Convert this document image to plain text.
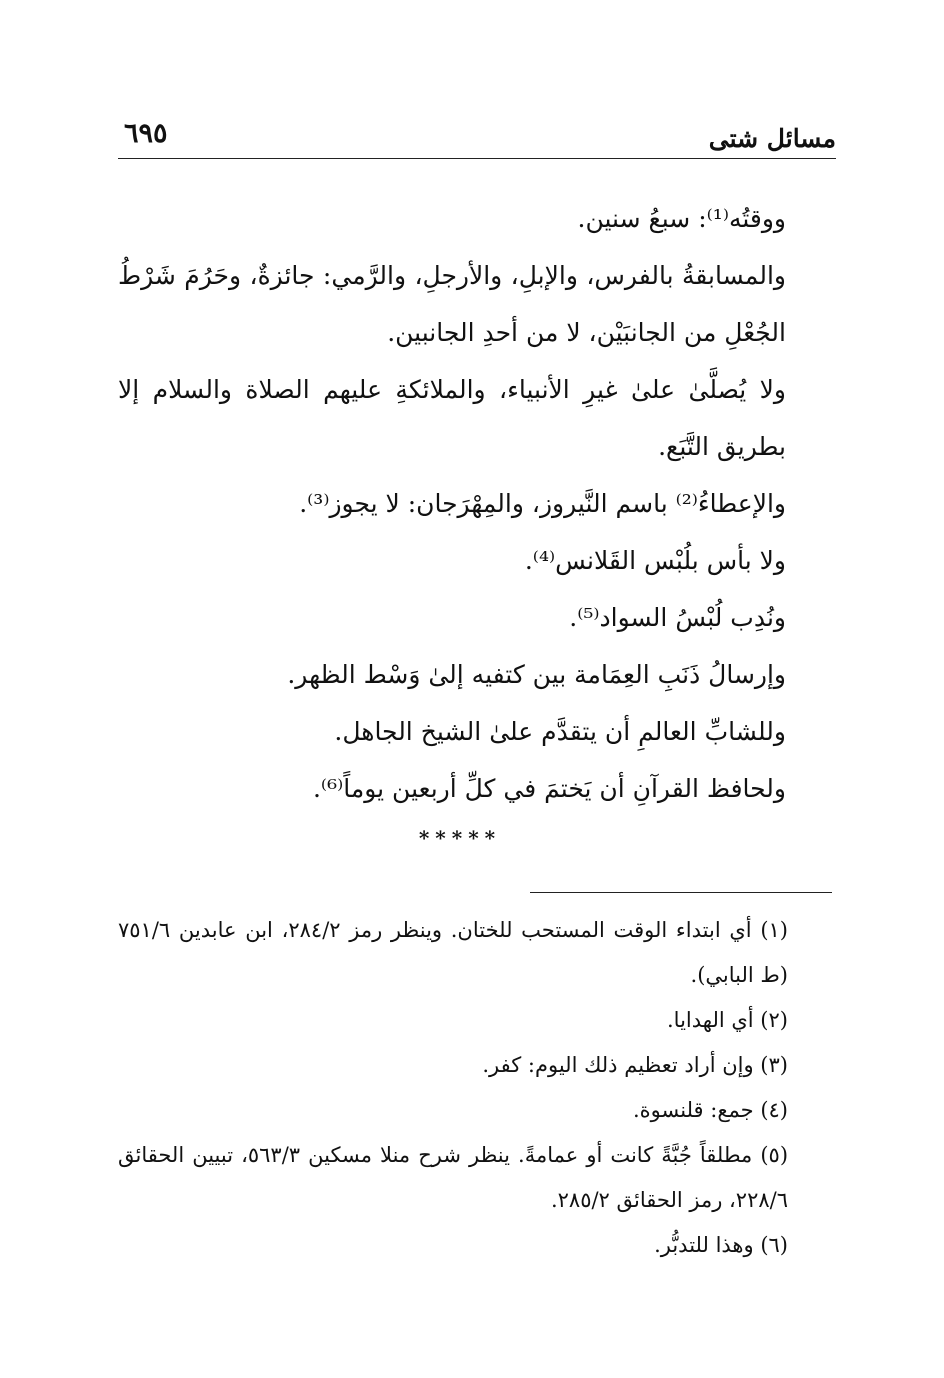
٦٩٥	مسائل شتى

ووقتُه⁽¹⁾: سبعُ سنين.

والمسابقةُ بالفرس، والإبلِ، والأرجلِ، والرَّمي: جائزةٌ، وحَرُمَ شَرْطُ الجُعْلِ من الجانبَيْن، لا من أحدِ الجانبين.

ولا يُصلَّىٰ علىٰ غيرِ الأنبياء، والملائكةِ عليهم الصلاة والسلام إلا بطريق التَّبَع.

والإعطاءُ⁽²⁾ باسم النَّيروز، والمِهْرَجان: لا يجوز⁽³⁾.

ولا بأس بلُبْس القَلانس⁽⁴⁾.

ونُدِب لُبْسُ السواد⁽⁵⁾.

وإرسالُ ذَنَبِ العِمَامة بين كتفيه إلىٰ وَسْط الظهر.

وللشابِّ العالمِ أن يتقدَّم علىٰ الشيخ الجاهل.

ولحافظ القرآنِ أن يَختمَ في كلِّ أربعين يوماً⁽⁶⁾.

*****

(١) أي ابتداء الوقت المستحب للختان. وينظر رمز ٢٨٤/٢، ابن عابدين ٧٥١/٦ (ط البابي).

(٢) أي الهدايا.

(٣) وإن أراد تعظيم ذلك اليوم: كفر.

(٤) جمع: قلنسوة.

(٥) مطلقاً جُبَّةً كانت أو عمامةً. ينظر شرح منلا مسكين ٥٦٣/٣، تبيين الحقائق ٢٢٨/٦، رمز الحقائق ٢٨٥/٢.

(٦) وهذا للتدبُّر.
